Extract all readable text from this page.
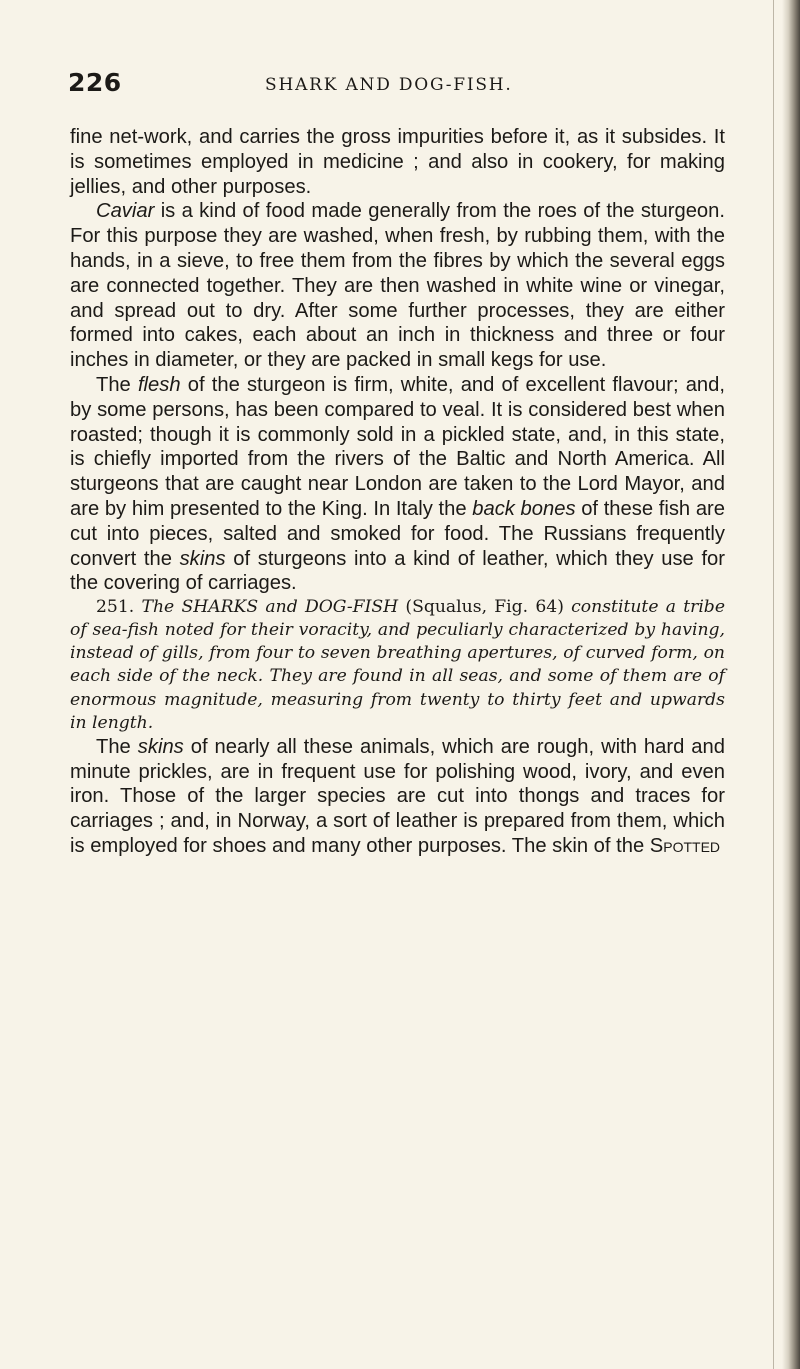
226	SHARK AND DOG-FISH.

fine net-work, and carries the gross impurities before it, as it subsides. It is sometimes employed in medicine ; and also in cookery, for making jellies, and other purposes.

Caviar is a kind of food made generally from the roes of the sturgeon. For this purpose they are washed, when fresh, by rubbing them, with the hands, in a sieve, to free them from the fibres by which the several eggs are connected together. They are then washed in white wine or vinegar, and spread out to dry. After some further processes, they are either formed into cakes, each about an inch in thickness and three or four inches in diameter, or they are packed in small kegs for use.

The flesh of the sturgeon is firm, white, and of excellent flavour; and, by some persons, has been compared to veal. It is considered best when roasted; though it is commonly sold in a pickled state, and, in this state, is chiefly imported from the rivers of the Baltic and North America. All sturgeons that are caught near London are taken to the Lord Mayor, and are by him presented to the King. In Italy the back bones of these fish are cut into pieces, salted and smoked for food. The Russians frequently convert the skins of sturgeons into a kind of leather, which they use for the covering of carriages.

251. The SHARKS and DOG-FISH (Squalus, Fig. 64) constitute a tribe of sea-fish noted for their voracity, and peculiarly characterized by having, instead of gills, from four to seven breathing apertures, of curved form, on each side of the neck. They are found in all seas, and some of them are of enormous magnitude, measuring from twenty to thirty feet and upwards in length.

The skins of nearly all these animals, which are rough, with hard and minute prickles, are in frequent use for polishing wood, ivory, and even iron. Those of the larger species are cut into thongs and traces for carriages ; and, in Norway, a sort of leather is prepared from them, which is employed for shoes and many other purposes. The skin of the Spotted
